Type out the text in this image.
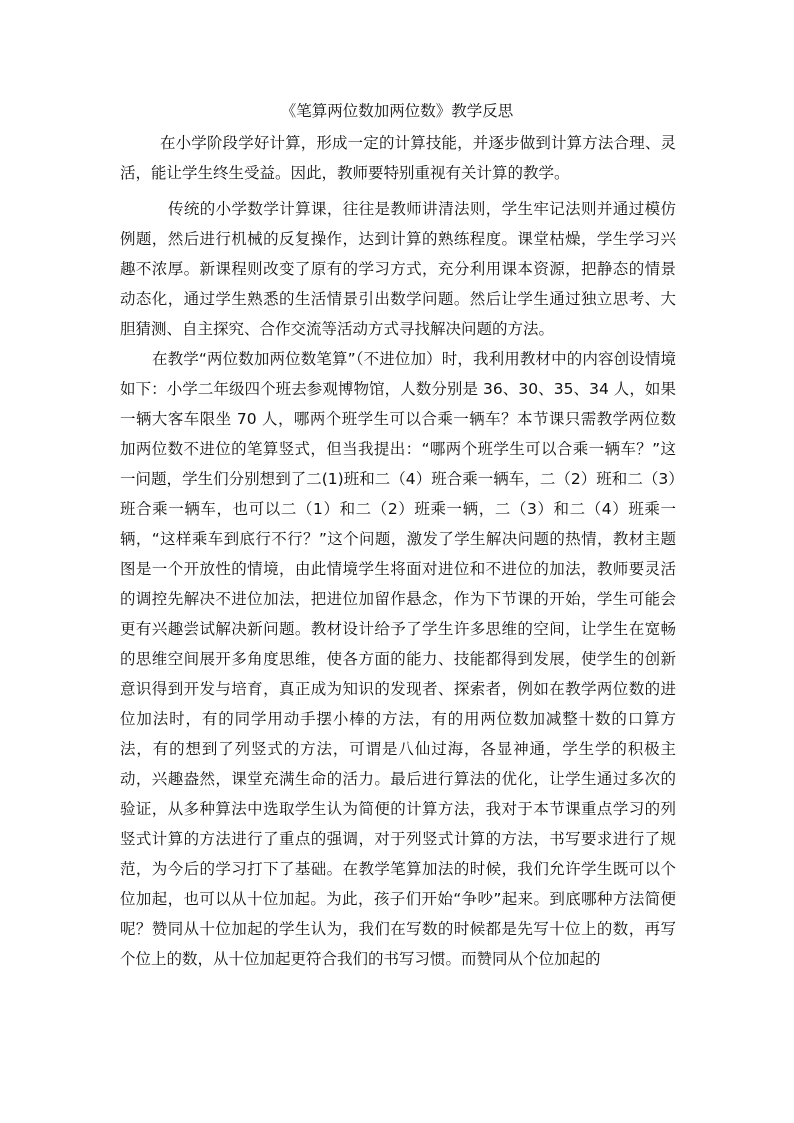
《笔算两位数加两位数》教学反思

在小学阶段学好计算，形成一定的计算技能，并逐步做到计算方法合理、灵活，能让学生终生受益。因此，教师要特别重视有关计算的教学。

传统的小学数学计算课，往往是教师讲清法则，学生牢记法则并通过模仿例题，然后进行机械的反复操作，达到计算的熟练程度。课堂枯燥，学生学习兴趣不浓厚。新课程则改变了原有的学习方式，充分利用课本资源，把静态的情景动态化，通过学生熟悉的生活情景引出数学问题。然后让学生通过独立思考、大胆猜测、自主探究、合作交流等活动方式寻找解决问题的方法。

在教学“两位数加两位数笔算”（不进位加）时，我利用教材中的内容创设情境如下：小学二年级四个班去参观博物馆，人数分别是 36、30、35、34 人，如果一辆大客车限坐 70 人，哪两个班学生可以合乘一辆车？本节课只需教学两位数加两位数不进位的笔算竖式，但当我提出：“哪两个班学生可以合乘一辆车？”这一问题，学生们分别想到了二(1)班和二（4）班合乘一辆车，二（2）班和二（3）班合乘一辆车，也可以二（1）和二（2）班乘一辆，二（3）和二（4）班乘一辆，“这样乘车到底行不行？”这个问题，激发了学生解决问题的热情，教材主题图是一个开放性的情境，由此情境学生将面对进位和不进位的加法，教师要灵活的调控先解决不进位加法，把进位加留作悬念，作为下节课的开始，学生可能会更有兴趣尝试解决新问题。教材设计给予了学生许多思维的空间，让学生在宽畅的思维空间展开多角度思维，使各方面的能力、技能都得到发展，使学生的创新意识得到开发与培育，真正成为知识的发现者、探索者，例如在教学两位数的进位加法时，有的同学用动手摆小棒的方法，有的用两位数加减整十数的口算方法，有的想到了列竖式的方法，可谓是八仙过海，各显神通，学生学的积极主动，兴趣盎然，课堂充满生命的活力。最后进行算法的优化，让学生通过多次的验证，从多种算法中选取学生认为简便的计算方法，我对于本节课重点学习的列竖式计算的方法进行了重点的强调，对于列竖式计算的方法，书写要求进行了规范，为今后的学习打下了基础。在教学笔算加法的时候，我们允许学生既可以个位加起，也可以从十位加起。为此，孩子们开始“争吵”起来。到底哪种方法简便呢？赞同从十位加起的学生认为，我们在写数的时候都是先写十位上的数，再写个位上的数，从十位加起更符合我们的书写习惯。而赞同从个位加起的
